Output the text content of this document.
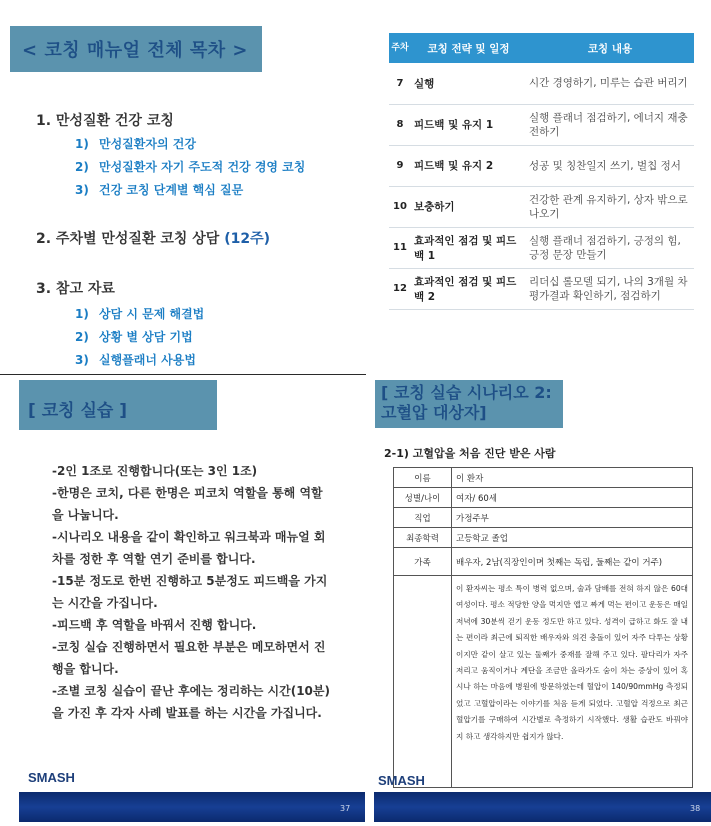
< 코칭 매뉴얼 전체 목차 >
1. 만성질환 건강 코칭
1) 만성질환자의 건강
2) 만성질환자 자기 주도적 건강 경영 코칭
3) 건강 코칭 단계별 핵심 질문
2. 주차별 만성질환 코칭 상담 (12주)
3. 참고 자료
1) 상담 시 문제 해결법
2) 상황 별 상담 기법
3) 실행플래너 사용법
주차	코칭 전략 및 일정	코칭 내용
7	실행	시간 경영하기, 미루는 습관 버리기
8	피드백 및 유지 1	실행 플래너 점검하기, 에너지 재충전하기
9	피드백 및 유지 2	성공 및 칭찬일지 쓰기, 벌칩 정서
10	보충하기	건강한 관계 유지하기, 상자 밖으로 나오기
11	효과적인 점검 및 피드백 1	실행 플래너 점검하기, 긍정의 힘, 긍정 문장 만들기
12	효과적인 점검 및 피드백 2	리더십 롤모델 되기, 나의 3개월 차 평가결과 확인하기, 점검하기
[ 코칭 실습 ]
-2인 1조로 진행합니다(또는 3인 1조)
-한명은 코치, 다른 한명은 피코치 역할을 통해 역할
을 나눕니다.
-시나리오 내용을 같이 확인하고 워크북과 매뉴얼 회
차를 정한 후 역할 연기 준비를 합니다.
-15분 정도로 한번 진행하고 5분정도 피드백을 가지
는 시간을 가집니다.
-피드백 후 역할을 바꿔서 진행 합니다.
-코칭 실습 진행하면서 필요한 부분은 메모하면서 진
행을 합니다.
-조별 코칭 실습이 끝난 후에는 정리하는 시간(10분)
을 가진 후 각자 사례 발표를 하는 시간을 가집니다.
SMASH
37
[ 코칭 실습 시나리오 2:
고혈압 대상자]
2-1) 고혈압을 처음 진단 받은 사람
이름	이 환자
성별/나이	여자/ 60세
직업	가정주부
최종학력	고등학교 졸업
가족	배우자, 2남(직장인이며 첫째는 독립, 둘째는 같이 거주)
	이 환자씨는 평소 특이 병력 없으며, 술과 담배를 전혀 하지 않은 60대 여성이다. 평소 적당한 양을 먹지만 앱고 짜게 먹는 편이고 운동은 매일 저녁에 30분씩 걷기 운동 정도만 하고 있다. 성격이 급하고 화도 잘 내는 편이라 최근에 퇴직한 배우자와 의견 충돌이 있어 자주 다투는 상황이지만 같이 살고 있는 둘째가 중재를 잘해 주고 있다. 팔다리가 자주 저리고 움직이거나 계단을 조금만 올라가도 숨이 차는 증상이 있어 혹시나 하는 마음에 병원에 방문하였는데 혈압이 140/90mmHg 측정되었고 고혈압이라는 이야기를 처음 듣게 되었다. 고혈압 걱정으로 최근 혈압기를 구매하여 시간별로 측정하기 시작했다. 생활 습관도 바꿔야지 하고 생각하지만 쉽지가 않다.
SMASH
38
